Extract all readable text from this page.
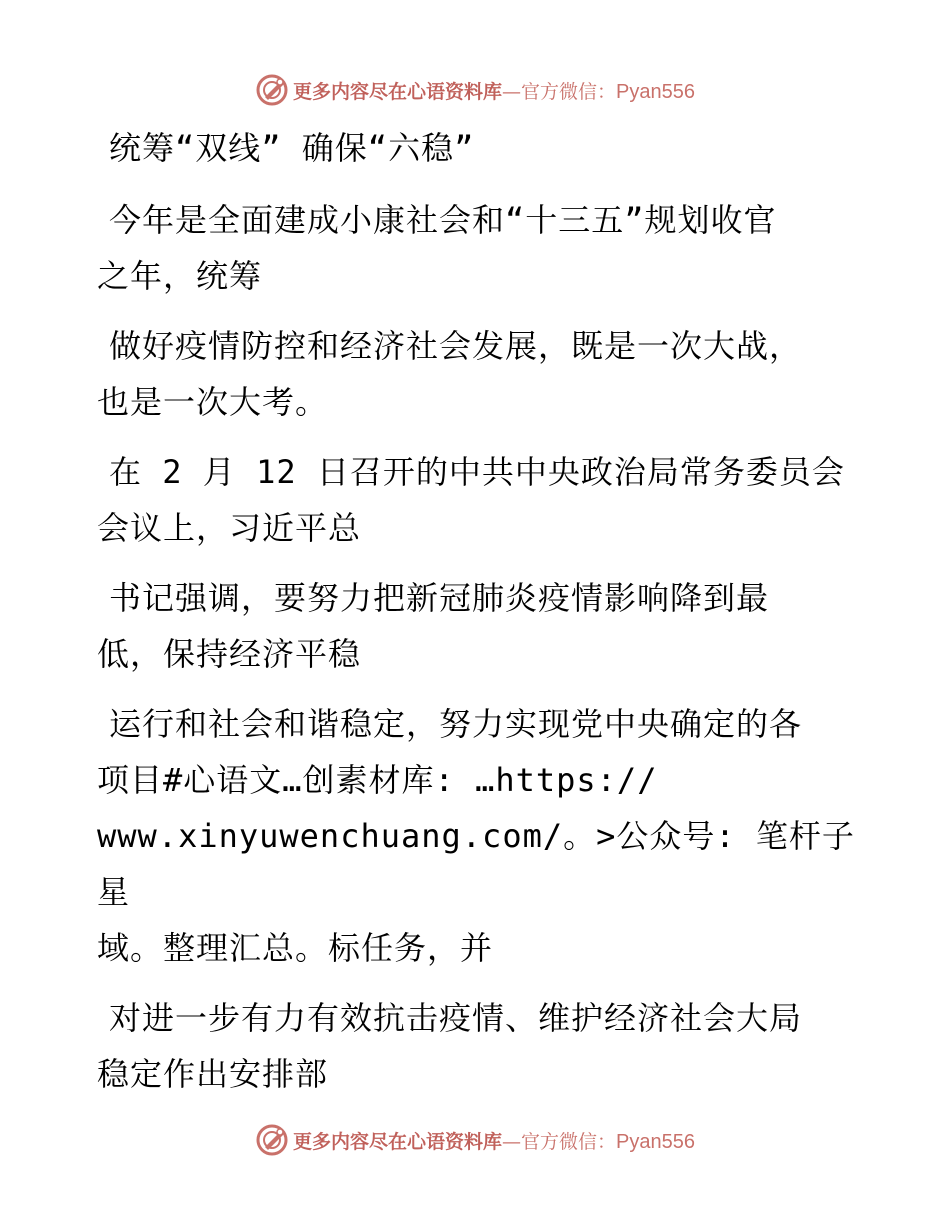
更多内容尽在心语资料库—官方微信：Pyan556
统筹“双线” 确保“六稳”
今年是全面建成小康社会和“十三五”规划收官
之年，统筹
做好疫情防控和经济社会发展，既是一次大战，
也是一次大考。
在 2 月 12 日召开的中共中央政治局常务委员会
会议上，习近平总
书记强调，要努力把新冠肺炎疫情影响降到最
低，保持经济平稳
运行和社会和谐稳定，努力实现党中央确定的各
项目#心语文…创素材库: …https://
www.xinyuwenchuang.com/。>公众号: 笔杆子星
域。整理汇总。标任务，并
对进一步有力有效抗击疫情、维护经济社会大局
稳定作出安排部
更多内容尽在心语资料库—官方微信：Pyan556
